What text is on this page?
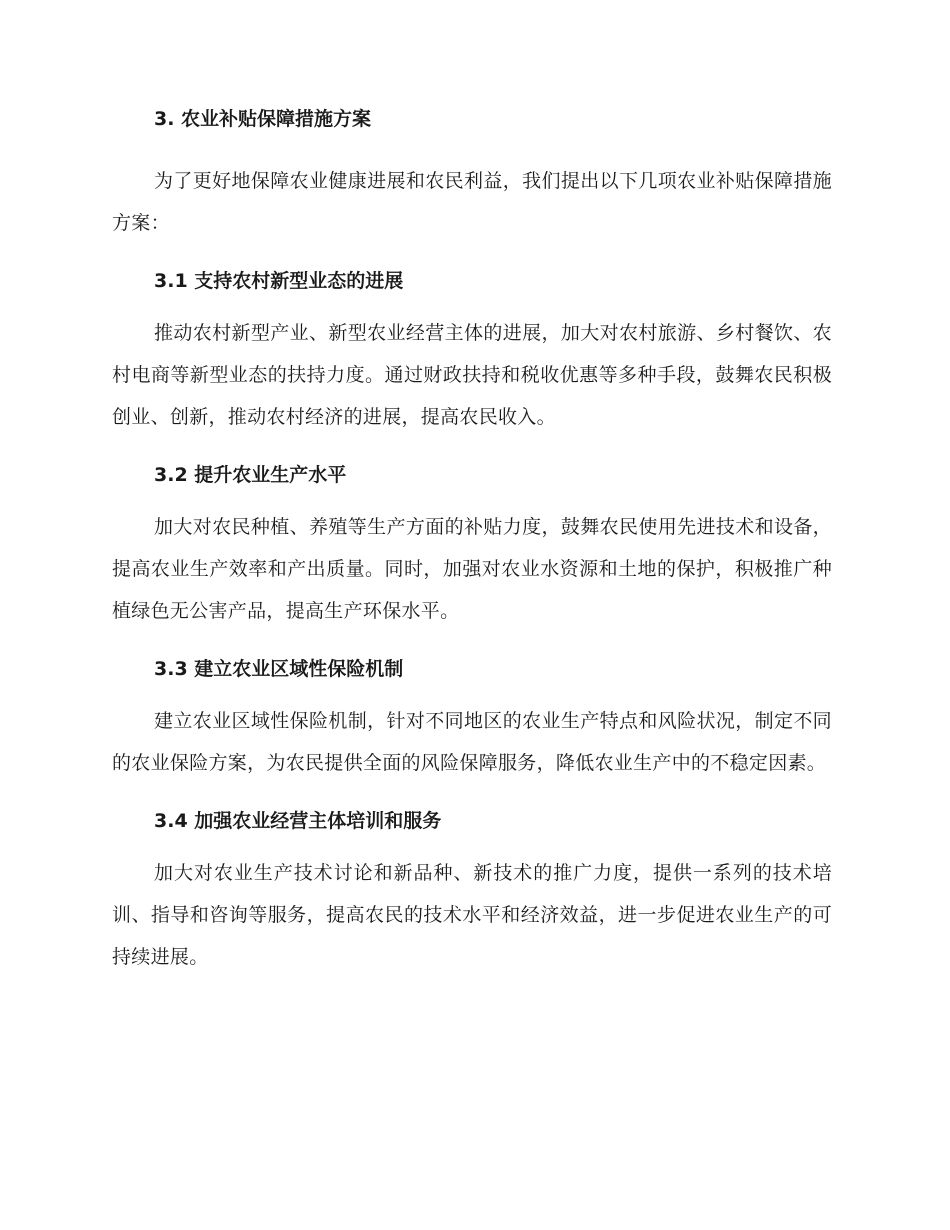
3. 农业补贴保障措施方案

为了更好地保障农业健康进展和农民利益，我们提出以下几项农业补贴保障措施方案：

3.1 支持农村新型业态的进展

推动农村新型产业、新型农业经营主体的进展，加大对农村旅游、乡村餐饮、农村电商等新型业态的扶持力度。通过财政扶持和税收优惠等多种手段，鼓舞农民积极创业、创新，推动农村经济的进展，提高农民收入。

3.2 提升农业生产水平

加大对农民种植、养殖等生产方面的补贴力度，鼓舞农民使用先进技术和设备，提高农业生产效率和产出质量。同时，加强对农业水资源和土地的保护，积极推广种植绿色无公害产品，提高生产环保水平。

3.3 建立农业区域性保险机制

建立农业区域性保险机制，针对不同地区的农业生产特点和风险状况，制定不同的农业保险方案，为农民提供全面的风险保障服务，降低农业生产中的不稳定因素。

3.4 加强农业经营主体培训和服务

加大对农业生产技术讨论和新品种、新技术的推广力度，提供一系列的技术培训、指导和咨询等服务，提高农民的技术水平和经济效益，进一步促进农业生产的可持续进展。
